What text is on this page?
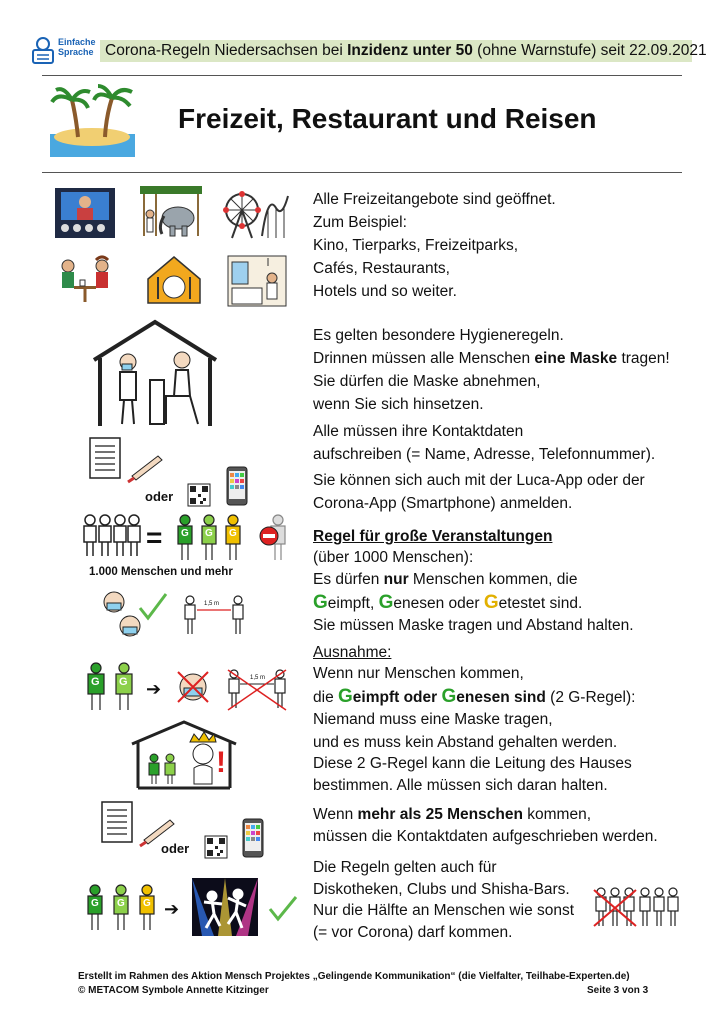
Einfache
Sprache Corona-Regeln Niedersachsen bei Inzidenz unter 50 (ohne Warnstufe) seit 22.09.2021
Freizeit, Restaurant und Reisen
Alle Freizeitangebote sind geöffnet.
Zum Beispiel:
Kino, Tierparks, Freizeitparks,
Cafés, Restaurants,
Hotels und so weiter.
Es gelten besondere Hygieneregeln.
Drinnen müssen alle Menschen eine Maske tragen!
Sie dürfen die Maske abnehmen,
wenn Sie sich hinsetzen.
oder
Alle müssen ihre Kontaktdaten
aufschreiben (= Name, Adresse, Telefonnummer).
Sie können sich auch mit der Luca-App oder der
Corona-App (Smartphone) anmelden.
= G G G
1.000 Menschen und mehr
1,5 m
Regel für große Veranstaltungen
(über 1000 Menschen):
Es dürfen nur Menschen kommen, die
Geimpft, Genesen oder Getestet sind.
Sie müssen Maske tragen und Abstand halten.
G G ➔
1,5 m
!
Ausnahme:
Wenn nur Menschen kommen,
die Geimpft oder Genesen sind (2 G-Regel):
Niemand muss eine Maske tragen,
und es muss kein Abstand gehalten werden.
Diese 2 G-Regel kann die Leitung des Hauses
bestimmen. Alle müssen sich daran halten.
oder
Wenn mehr als 25 Menschen kommen,
müssen die Kontaktdaten aufgeschrieben werden.
G G G ➔
Die Regeln gelten auch für
Diskotheken, Clubs und Shisha-Bars.
Nur die Hälfte an Menschen wie sonst
(= vor Corona) darf kommen.
Erstellt im Rahmen des Aktion Mensch Projektes „Gelingende Kommunikation“ (die Vielfalter, Teilhabe-Experten.de)
© METACOM Symbole Annette Kitzinger	Seite 3 von 3
